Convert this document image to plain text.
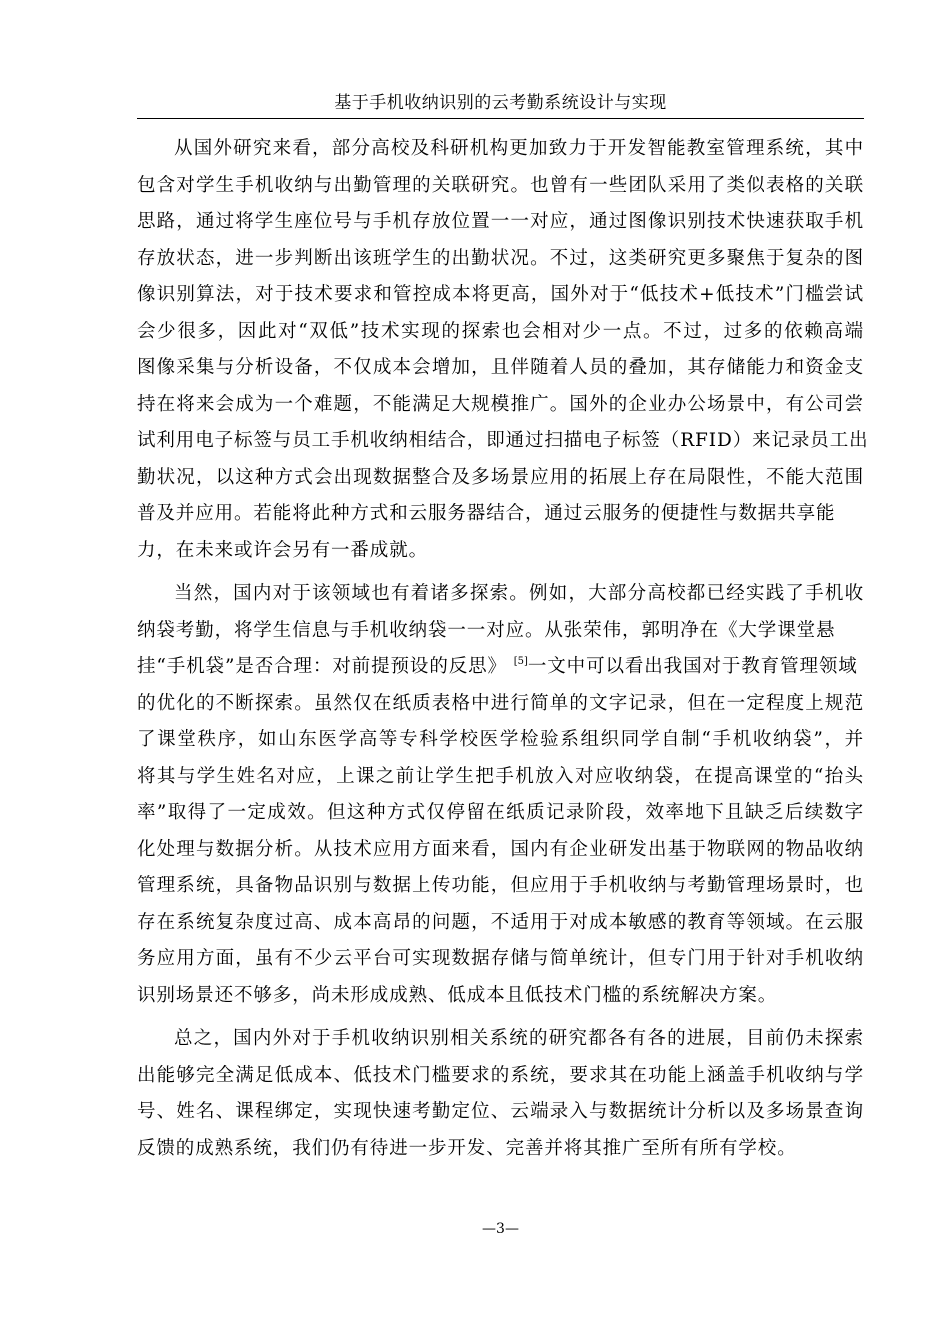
基于手机收纳识别的云考勤系统设计与实现
从国外研究来看，部分高校及科研机构更加致力于开发智能教室管理系统，其中
包含对学生手机收纳与出勤管理的关联研究。也曾有一些团队采用了类似表格的关联
思路，通过将学生座位号与手机存放位置一一对应，通过图像识别技术快速获取手机
存放状态，进一步判断出该班学生的出勤状况。不过，这类研究更多聚焦于复杂的图
像识别算法，对于技术要求和管控成本将更高，国外对于“低技术+低技术”门槛尝试
会少很多，因此对“双低”技术实现的探索也会相对少一点。不过，过多的依赖高端
图像采集与分析设备，不仅成本会增加，且伴随着人员的叠加，其存储能力和资金支
持在将来会成为一个难题，不能满足大规模推广。国外的企业办公场景中，有公司尝
试利用电子标签与员工手机收纳相结合，即通过扫描电子标签（RFID）来记录员工出
勤状况，以这种方式会出现数据整合及多场景应用的拓展上存在局限性，不能大范围
普及并应用。若能将此种方式和云服务器结合，通过云服务的便捷性与数据共享能
力，在未来或许会另有一番成就。
当然，国内对于该领域也有着诸多探索。例如，大部分高校都已经实践了手机收
纳袋考勤，将学生信息与手机收纳袋一一对应。从张荣伟，郭明净在《大学课堂悬
挂“手机袋”是否合理：对前提预设的反思》 [5]一文中可以看出我国对于教育管理领域
的优化的不断探索。虽然仅在纸质表格中进行简单的文字记录，但在一定程度上规范
了课堂秩序，如山东医学高等专科学校医学检验系组织同学自制“手机收纳袋”，并
将其与学生姓名对应，上课之前让学生把手机放入对应收纳袋，在提高课堂的“抬头
率”取得了一定成效。但这种方式仅停留在纸质记录阶段，效率地下且缺乏后续数字
化处理与数据分析。从技术应用方面来看，国内有企业研发出基于物联网的物品收纳
管理系统，具备物品识别与数据上传功能，但应用于手机收纳与考勤管理场景时，也
存在系统复杂度过高、成本高昂的问题，不适用于对成本敏感的教育等领域。在云服
务应用方面，虽有不少云平台可实现数据存储与简单统计，但专门用于针对手机收纳
识别场景还不够多，尚未形成成熟、低成本且低技术门槛的系统解决方案。
总之，国内外对于手机收纳识别相关系统的研究都各有各的进展，目前仍未探索
出能够完全满足低成本、低技术门槛要求的系统，要求其在功能上涵盖手机收纳与学
号、姓名、课程绑定，实现快速考勤定位、云端录入与数据统计分析以及多场景查询
反馈的成熟系统，我们仍有待进一步开发、完善并将其推广至所有所有学校。
—3—
